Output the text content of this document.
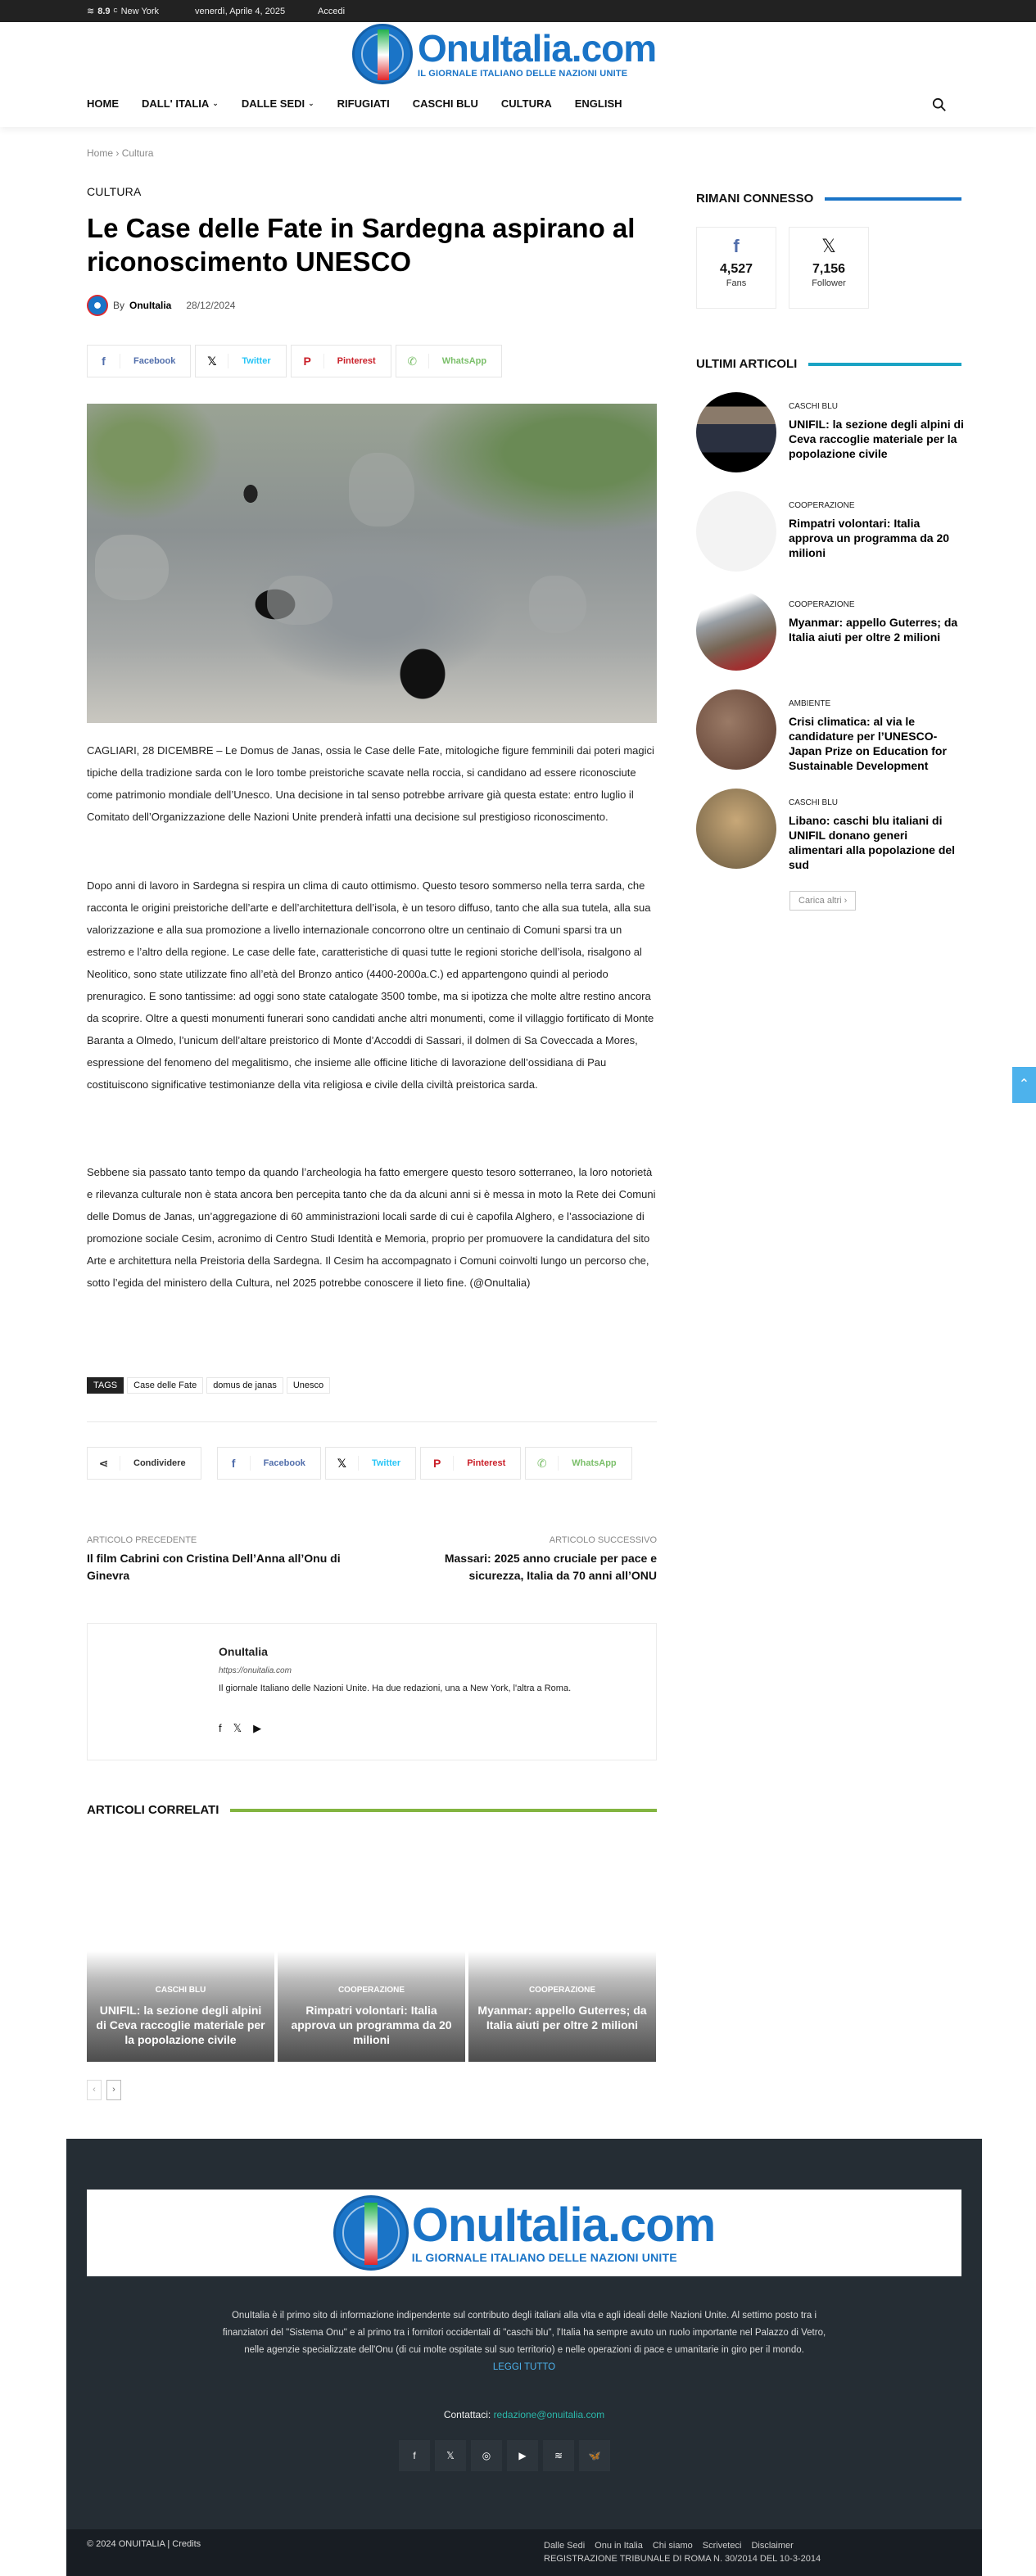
≋ 8.9 C New York	venerdì, Aprile 4, 2025	Accedi
OnuItalia.com
IL GIORNALE ITALIANO DELLE NAZIONI UNITE
HOME DALL' ITALIA ⌄ DALLE SEDI ⌄ RIFUGIATI CASCHI BLU CULTURA ENGLISH
Home › Cultura
CULTURA
Le Case delle Fate in Sardegna aspirano al riconoscimento UNESCO
By OnuItalia 28/12/2024
f	Facebook	𝕏	Twitter	P	Pinterest	✆	WhatsApp

CAGLIARI, 28 DICEMBRE – Le Domus de Janas, ossia le Case delle Fate, mitologiche figure femminili dai poteri magici tipiche della tradizione sarda con le loro tombe preistoriche scavate nella roccia, si candidano ad essere riconosciute come patrimonio mondiale dell’Unesco. Una decisione in tal senso potrebbe arrivare già questa estate: entro luglio il Comitato dell’Organizzazione delle Nazioni Unite prenderà infatti una decisione sul prestigioso riconoscimento.

Dopo anni di lavoro in Sardegna si respira un clima di cauto ottimismo. Questo tesoro sommerso nella terra sarda, che racconta le origini preistoriche dell’arte e dell’architettura dell’isola, è un tesoro diffuso, tanto che alla sua tutela, alla sua valorizzazione e alla sua promozione a livello internazionale concorrono oltre un centinaio di Comuni sparsi tra un estremo e l’altro della regione. Le case delle fate, caratteristiche di quasi tutte le regioni storiche dell’isola, risalgono al Neolitico, sono state utilizzate fino all’età del Bronzo antico (4400-2000a.C.) ed appartengono quindi al periodo prenuragico. E sono tantissime: ad oggi sono state catalogate 3500 tombe, ma si ipotizza che molte altre restino ancora da scoprire. Oltre a questi monumenti funerari sono candidati anche altri monumenti, come il villaggio fortificato di Monte Baranta a Olmedo, l’unicum dell’altare preistorico di Monte d’Accoddi di Sassari, il dolmen di Sa Coveccada a Mores, espressione del fenomeno del megalitismo, che insieme alle officine litiche di lavorazione dell’ossidiana di Pau costituiscono significative testimonianze della vita religiosa e civile della civiltà preistorica sarda.

Sebbene sia passato tanto tempo da quando l’archeologia ha fatto emergere questo tesoro sotterraneo, la loro notorietà e rilevanza culturale non è stata ancora ben percepita tanto che da da alcuni anni si è messa in moto la Rete dei Comuni delle Domus de Janas, un’aggregazione di 60 amministrazioni locali sarde di cui è capofila Alghero, e l’associazione di promozione sociale Cesim, acronimo di Centro Studi Identità e Memoria, proprio per promuovere la candidatura del sito Arte e architettura nella Preistoria della Sardegna. Il Cesim ha accompagnato i Comuni coinvolti lungo un percorso che, sotto l’egida del ministero della Cultura, nel 2025 potrebbe conoscere il lieto fine. (@OnuItalia)

TAGS	Case delle Fate	domus de janas	Unesco
⋖	Condividere	f	Facebook	𝕏	Twitter	P	Pinterest	✆	WhatsApp
ARTICOLO PRECEDENTE
Il film Cabrini con Cristina Dell’Anna all’Onu di Ginevra
ARTICOLO SUCCESSIVO
Massari: 2025 anno cruciale per pace e sicurezza, Italia da 70 anni all’ONU
OnuItalia
https://onuitalia.com
Il giornale Italiano delle Nazioni Unite. Ha due redazioni, una a New York, l'altra a Roma.
f 𝕏 ▶
ARTICOLI CORRELATI
CASCHI BLU
UNIFIL: la sezione degli alpini di Ceva raccoglie materiale per la popolazione civile
COOPERAZIONE
Rimpatri volontari: Italia approva un programma da 20 milioni
COOPERAZIONE
Myanmar: appello Guterres; da Italia aiuti per oltre 2 milioni
‹	›
RIMANI CONNESSO
f
4,527
Fans
𝕏
7,156
Follower
ULTIMI ARTICOLI
CASCHI BLU
UNIFIL: la sezione degli alpini di Ceva raccoglie materiale per la popolazione civile
COOPERAZIONE
Rimpatri volontari: Italia approva un programma da 20 milioni
COOPERAZIONE
Myanmar: appello Guterres; da Italia aiuti per oltre 2 milioni
AMBIENTE
Crisi climatica: al via le candidature per l’UNESCO-Japan Prize on Education for Sustainable Development
CASCHI BLU
Libano: caschi blu italiani di UNIFIL donano generi alimentari alla popolazione del sud
Carica altri ›
⌃
OnuItalia.com
IL GIORNALE ITALIANO DELLE NAZIONI UNITE
OnuItalia è il primo sito di informazione indipendente sul contributo degli italiani alla vita e agli ideali delle Nazioni Unite. Al settimo posto tra i finanziatori del "Sistema Onu" e al primo tra i fornitori occidentali di "caschi blu", l'Italia ha sempre avuto un ruolo importante nel Palazzo di Vetro, nelle agenzie specializzate dell'Onu (di cui molte ospitate sul suo territorio) e nelle operazioni di pace e umanitarie in giro per il mondo.
LEGGI TUTTO
Contattaci: redazione@onuitalia.com
f	𝕏	◎	▶	≋	🦋
© 2024 ONUITALIA | Credits	Dalle Sedi Onu in Italia Chi siamo Scriveteci Disclaimer
REGISTRAZIONE TRIBUNALE DI ROMA N. 30/2014 DEL 10-3-2014
